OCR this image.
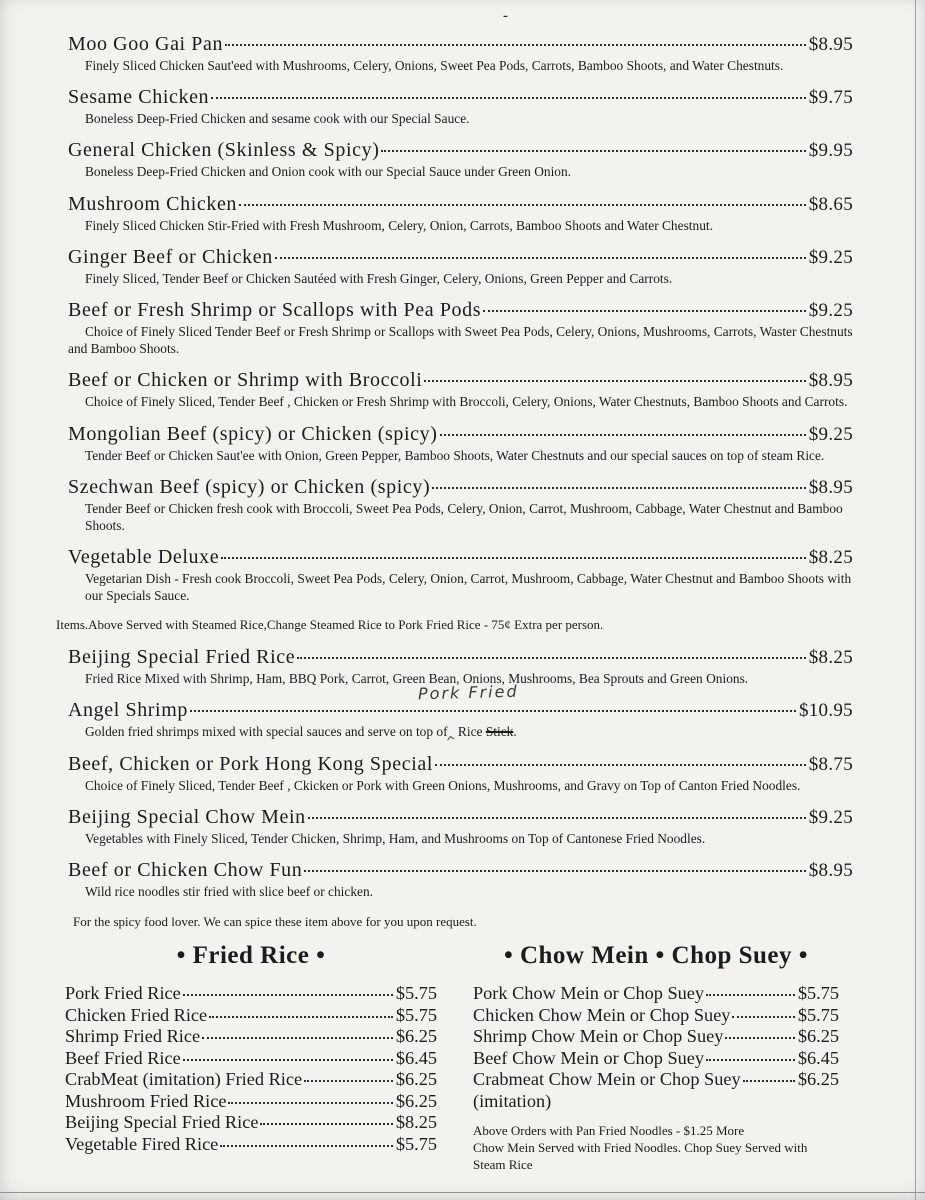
-
Moo Goo Gai Pan	$8.95
Finely Sliced Chicken Saut'eed with Mushrooms, Celery, Onions, Sweet Pea Pods, Carrots, Bamboo Shoots, and Water Chestnuts.
Sesame Chicken	$9.75
Boneless Deep-Fried Chicken and sesame cook with our Special Sauce.
General Chicken (Skinless & Spicy)	$9.95
Boneless Deep-Fried Chicken and Onion cook with our Special Sauce under Green Onion.
Mushroom Chicken	$8.65
Finely Sliced Chicken Stir-Fried with Fresh Mushroom, Celery, Onion, Carrots, Bamboo Shoots and Water Chestnut.
Ginger Beef or Chicken	$9.25
Finely Sliced, Tender Beef or Chicken Sautéed with Fresh Ginger, Celery, Onions, Green Pepper and Carrots.
Beef or Fresh Shrimp or Scallops with Pea Pods	$9.25
Choice of Finely Sliced Tender Beef or Fresh Shrimp or Scallops with Sweet Pea Pods, Celery, Onions, Mushrooms, Carrots, Waster Chestnuts and Bamboo Shoots.
Beef or Chicken or Shrimp with Broccoli	$8.95
Choice of Finely Sliced, Tender Beef , Chicken or Fresh Shrimp with Broccoli, Celery, Onions, Water Chestnuts, Bamboo Shoots and Carrots.
Mongolian Beef (spicy) or Chicken (spicy)	$9.25
Tender Beef or Chicken Saut'ee with Onion, Green Pepper, Bamboo Shoots, Water Chestnuts and our special sauces on top of steam Rice.
Szechwan Beef (spicy) or Chicken (spicy)	$8.95
Tender Beef or Chicken fresh cook with Broccoli, Sweet Pea Pods, Celery, Onion, Carrot, Mushroom, Cabbage, Water Chestnut and Bamboo Shoots.
Vegetable Deluxe	$8.25
Vegetarian Dish - Fresh cook Broccoli, Sweet Pea Pods, Celery, Onion, Carrot, Mushroom, Cabbage, Water Chestnut and Bamboo Shoots with our Specials Sauce.
Items.Above Served with Steamed Rice,Change Steamed Rice to Pork Fried Rice - 75¢ Extra per person.
Beijing Special Fried Rice	$8.25
Fried Rice Mixed with Shrimp, Ham, BBQ Pork, Carrot, Green Bean, Onions, Mushrooms, Bea Sprouts and Green Onions.
Pork Fried
Angel Shrimp	$10.95
Golden fried shrimps mixed with special sauces and serve on top of^ Rice Stick.
Beef, Chicken or Pork Hong Kong Special	$8.75
Choice of Finely Sliced, Tender Beef , Ckicken or Pork with Green Onions, Mushrooms, and Gravy on Top of Canton Fried Noodles.
Beijing Special Chow Mein	$9.25
Vegetables with Finely Sliced, Tender Chicken, Shrimp, Ham, and Mushrooms on Top of Cantonese Fried Noodles.
Beef or Chicken Chow Fun	$8.95
Wild rice noodles stir fried with slice beef or chicken.
For the spicy food lover. We can spice these item above for you upon request.
• Fried Rice •
Pork Fried Rice	$5.75
Chicken Fried Rice	$5.75
Shrimp Fried Rice	$6.25
Beef Fried Rice	$6.45
CrabMeat (imitation) Fried Rice	$6.25
Mushroom Fried Rice	$6.25
Beijing Special Fried Rice	$8.25
Vegetable Fired Rice	$5.75
• Chow Mein • Chop Suey •
Pork Chow Mein or Chop Suey	$5.75
Chicken Chow Mein or Chop Suey	$5.75
Shrimp Chow Mein or Chop Suey	$6.25
Beef Chow Mein or Chop Suey	$6.45
Crabmeat Chow Mein or Chop Suey	$6.25
(imitation)
Above Orders with Pan Fried Noodles - $1.25 More
Chow Mein Served with Fried Noodles. Chop Suey Served with Steam Rice
